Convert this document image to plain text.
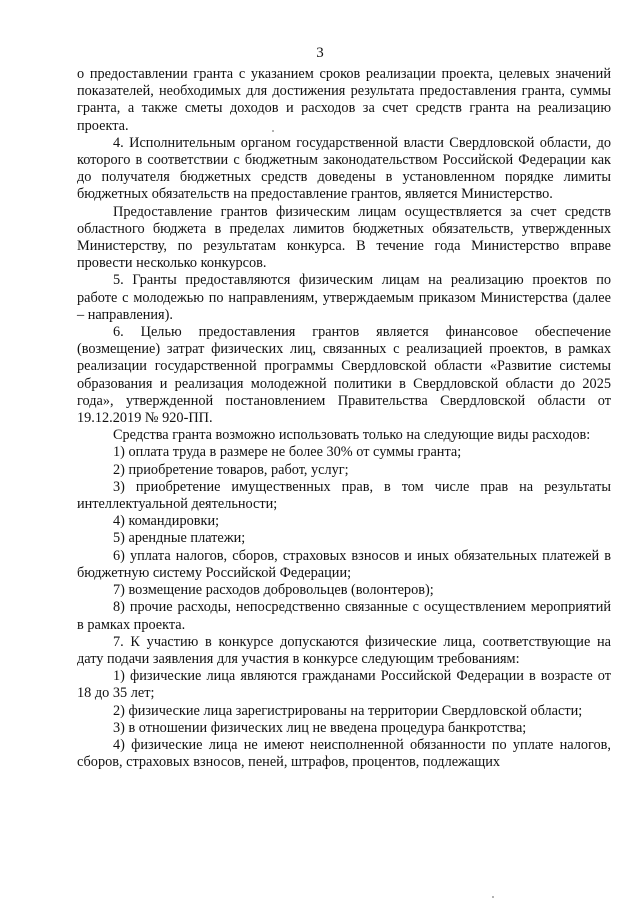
3

о предоставлении гранта с указанием сроков реализации проекта, целевых значений показателей, необходимых для достижения результата предоставления гранта, суммы гранта, а также сметы доходов и расходов за счет средств гранта на реализацию проекта.

4. Исполнительным органом государственной власти Свердловской области, до которого в соответствии с бюджетным законодательством Российской Федерации как до получателя бюджетных средств доведены в установленном порядке лимиты бюджетных обязательств на предоставление грантов, является Министерство.

Предоставление грантов физическим лицам осуществляется за счет средств областного бюджета в пределах лимитов бюджетных обязательств, утвержденных Министерству, по результатам конкурса. В течение года Министерство вправе провести несколько конкурсов.

5. Гранты предоставляются физическим лицам на реализацию проектов по работе с молодежью по направлениям, утверждаемым приказом Министерства (далее – направления).

6. Целью предоставления грантов является финансовое обеспечение (возмещение) затрат физических лиц, связанных с реализацией проектов, в рамках реализации государственной программы Свердловской области «Развитие системы образования и реализация молодежной политики в Свердловской области до 2025 года», утвержденной постановлением Правительства Свердловской области от 19.12.2019 № 920-ПП.

Средства гранта возможно использовать только на следующие виды расходов:

1) оплата труда в размере не более 30% от суммы гранта;

2) приобретение товаров, работ, услуг;

3) приобретение имущественных прав, в том числе прав на результаты интеллектуальной деятельности;

4) командировки;

5) арендные платежи;

6) уплата налогов, сборов, страховых взносов и иных обязательных платежей в бюджетную систему Российской Федерации;

7) возмещение расходов добровольцев (волонтеров);

8) прочие расходы, непосредственно связанные с осуществлением мероприятий в рамках проекта.

7. К участию в конкурсе допускаются физические лица, соответствующие на дату подачи заявления для участия в конкурсе следующим требованиям:

1) физические лица являются гражданами Российской Федерации в возрасте от 18 до 35 лет;

2) физические лица зарегистрированы на территории Свердловской области;

3) в отношении физических лиц не введена процедура банкротства;

4) физические лица не имеют неисполненной обязанности по уплате налогов, сборов, страховых взносов, пеней, штрафов, процентов, подлежащих
